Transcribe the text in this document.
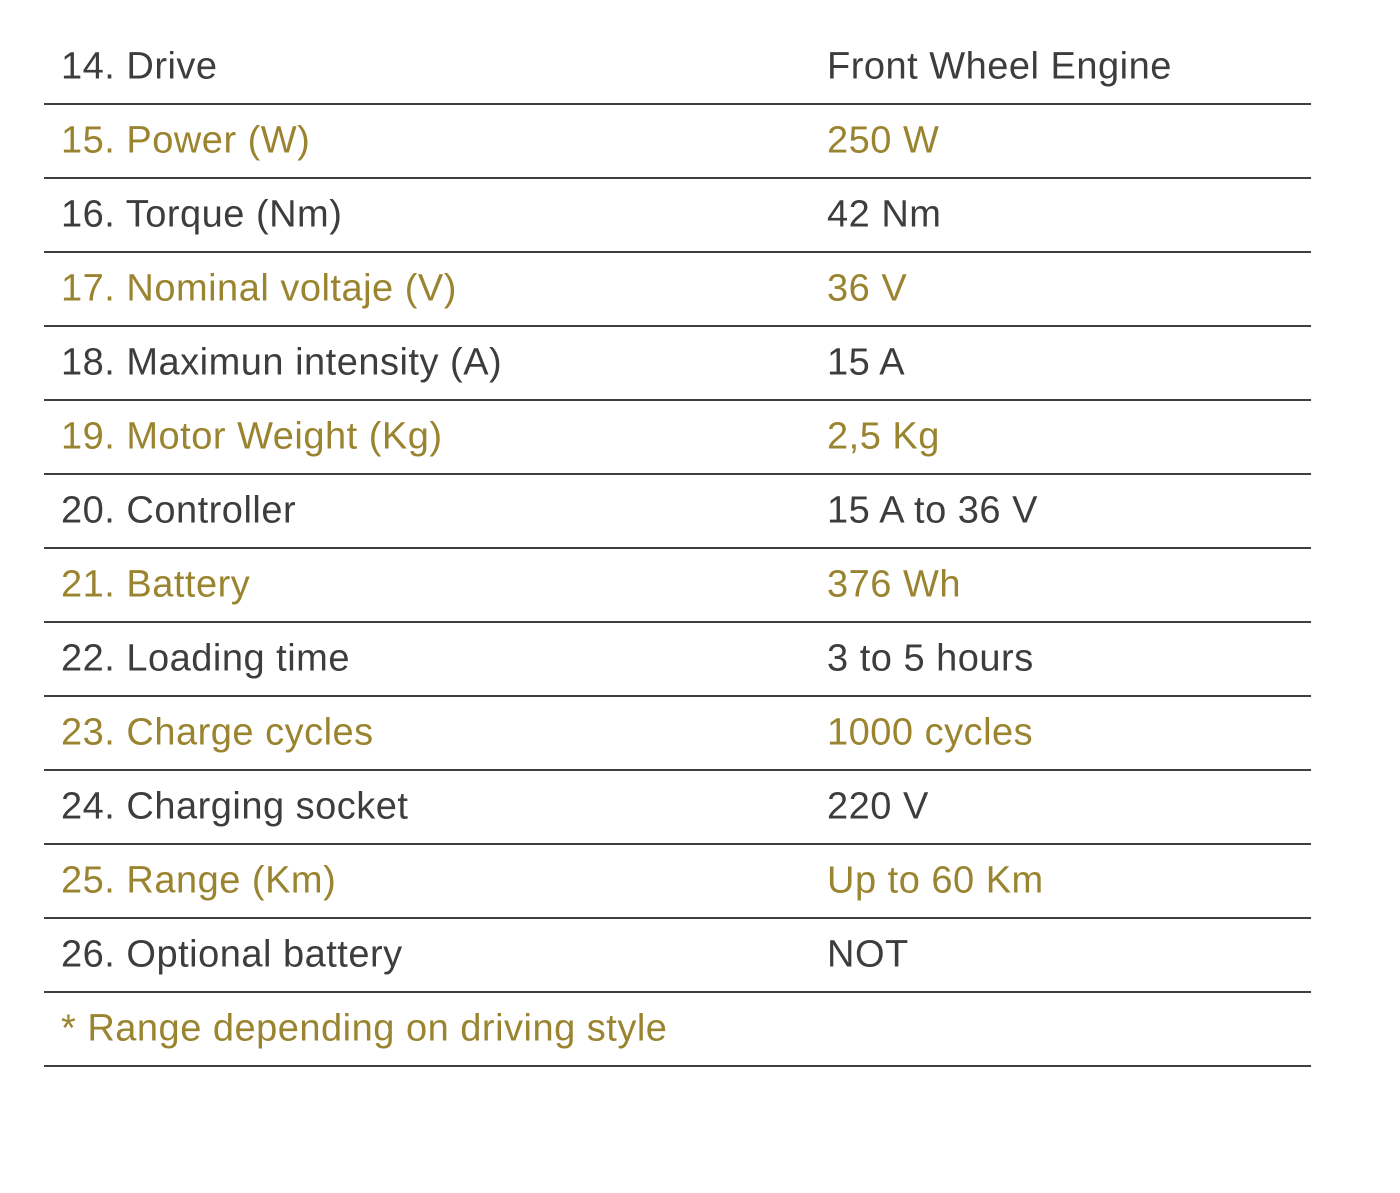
14. Drive	Front Wheel Engine
15. Power (W)	250 W
16. Torque (Nm)	42 Nm
17. Nominal voltaje (V)	36 V
18. Maximun intensity (A)	15 A
19. Motor Weight (Kg)	2,5 Kg
20. Controller	15 A to 36 V
21. Battery	376 Wh
22. Loading time	3 to 5 hours
23. Charge cycles	1000 cycles
24. Charging socket	220 V
25. Range (Km)	Up to 60 Km
26. Optional battery	NOT
* Range depending on driving style
